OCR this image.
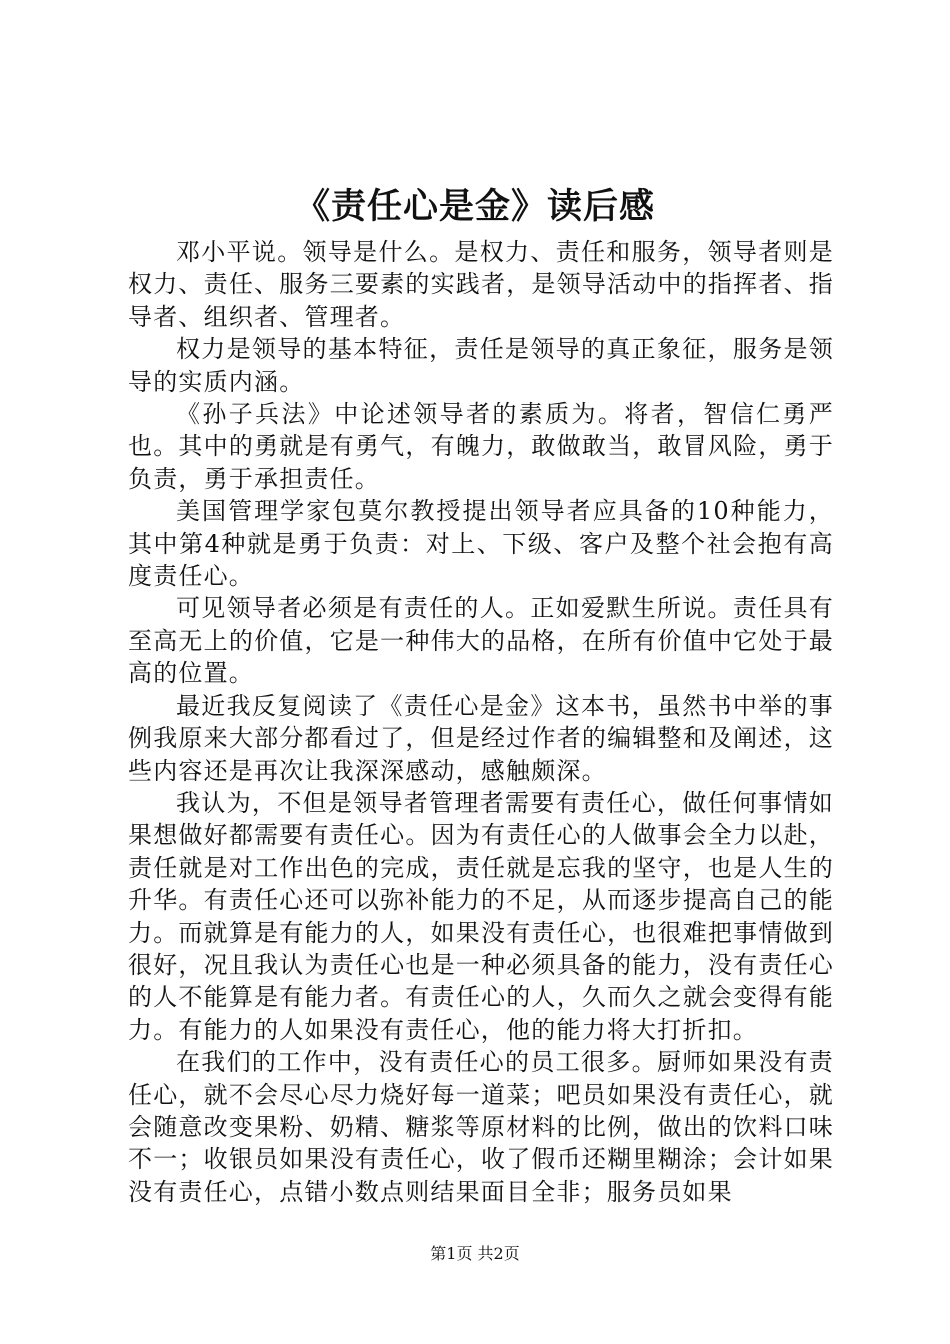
《责任心是金》读后感

邓小平说。领导是什么。是权力、责任和服务，领导者则是权力、责任、服务三要素的实践者，是领导活动中的指挥者、指导者、组织者、管理者。

权力是领导的基本特征，责任是领导的真正象征，服务是领导的实质内涵。

《孙子兵法》中论述领导者的素质为。将者，智信仁勇严也。其中的勇就是有勇气，有魄力，敢做敢当，敢冒风险，勇于负责，勇于承担责任。

美国管理学家包莫尔教授提出领导者应具备的10种能力，其中第4种就是勇于负责：对上、下级、客户及整个社会抱有高度责任心。

可见领导者必须是有责任的人。正如爱默生所说。责任具有至高无上的价值，它是一种伟大的品格，在所有价值中它处于最高的位置。

最近我反复阅读了《责任心是金》这本书，虽然书中举的事例我原来大部分都看过了，但是经过作者的编辑整和及阐述，这些内容还是再次让我深深感动，感触颇深。

我认为，不但是领导者管理者需要有责任心，做任何事情如果想做好都需要有责任心。因为有责任心的人做事会全力以赴，责任就是对工作出色的完成，责任就是忘我的坚守，也是人生的升华。有责任心还可以弥补能力的不足，从而逐步提高自己的能力。而就算是有能力的人，如果没有责任心，也很难把事情做到很好，况且我认为责任心也是一种必须具备的能力，没有责任心的人不能算是有能力者。有责任心的人，久而久之就会变得有能力。有能力的人如果没有责任心，他的能力将大打折扣。

在我们的工作中，没有责任心的员工很多。厨师如果没有责任心，就不会尽心尽力烧好每一道菜；吧员如果没有责任心，就会随意改变果粉、奶精、糖浆等原材料的比例，做出的饮料口味不一；收银员如果没有责任心，收了假币还糊里糊涂；会计如果没有责任心，点错小数点则结果面目全非；服务员如果

第1页 共2页
